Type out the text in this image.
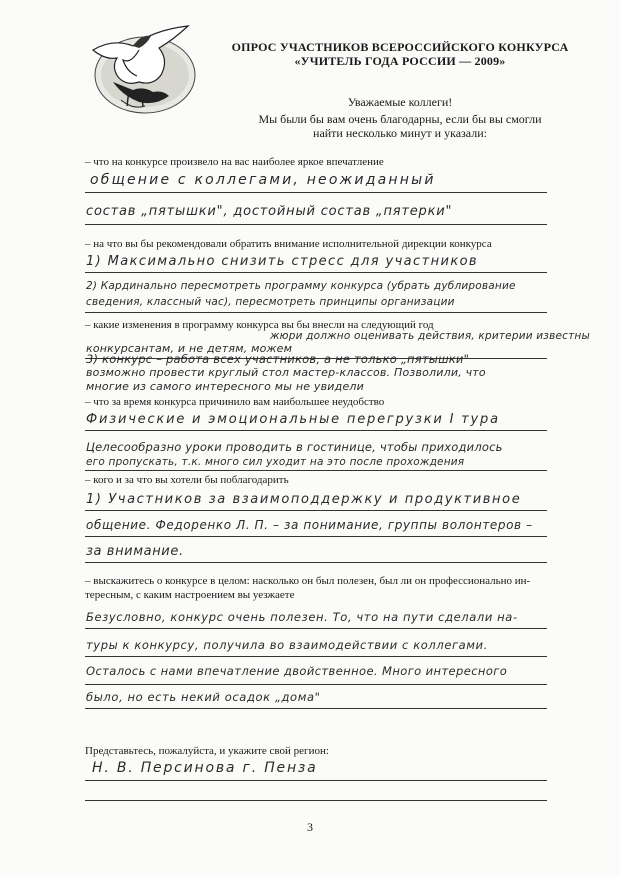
ОПРОС УЧАСТНИКОВ ВСЕРОССИЙСКОГО КОНКУРСА
«УЧИТЕЛЬ ГОДА РОССИИ — 2009»
Уважаемые коллеги!
Мы были бы вам очень благодарны, если бы вы смогли
найти несколько минут и указали:
– что на конкурсе произвело на вас наиболее яркое впечатление
общение с коллегами, неожиданный
состав „пятышки", достойный состав „пятерки"
– на что вы бы рекомендовали обратить внимание исполнительной дирекции конкурса
1) Максимально снизить стресс для участников
2) Кардинально пересмотреть программу конкурса (убрать дублирование
сведения, классный час), пересмотреть принципы организации
– какие изменения в программу конкурса вы бы внесли на следующий год
жюри должно оценивать действия, критерии известны
конкурсантам, и не детям, можем
3) конкурс – работа всех участников, а не только „пятышки"
возможно провести круглый стол мастер-классов. Позволили, что
многие из самого интересного мы не увидели
– что за время конкурса причинило вам наибольшее неудобство
Физические и эмоциональные перегрузки I тура
Целесообразно уроки проводить в гостинице, чтобы приходилось
его пропускать, т.к. много сил уходит на это после прохождения
– кого и за что вы хотели бы поблагодарить
1) Участников за взаимоподдержку и продуктивное
общение. Федоренко Л. П. – за понимание, группы волонтеров –
за внимание.
– выскажитесь о конкурсе в целом: насколько он был полезен, был ли он профессионально ин-
тересным, с каким настроением вы уезжаете
Безусловно, конкурс очень полезен. То, что на пути сделали на-
туры к конкурсу, получила во взаимодействии с коллегами.
Осталось с нами впечатление двойственное. Много интересного
было, но есть некий осадок „дома"
Представьтесь, пожалуйста, и укажите свой регион:
Н. В. Персинова г. Пенза
3
